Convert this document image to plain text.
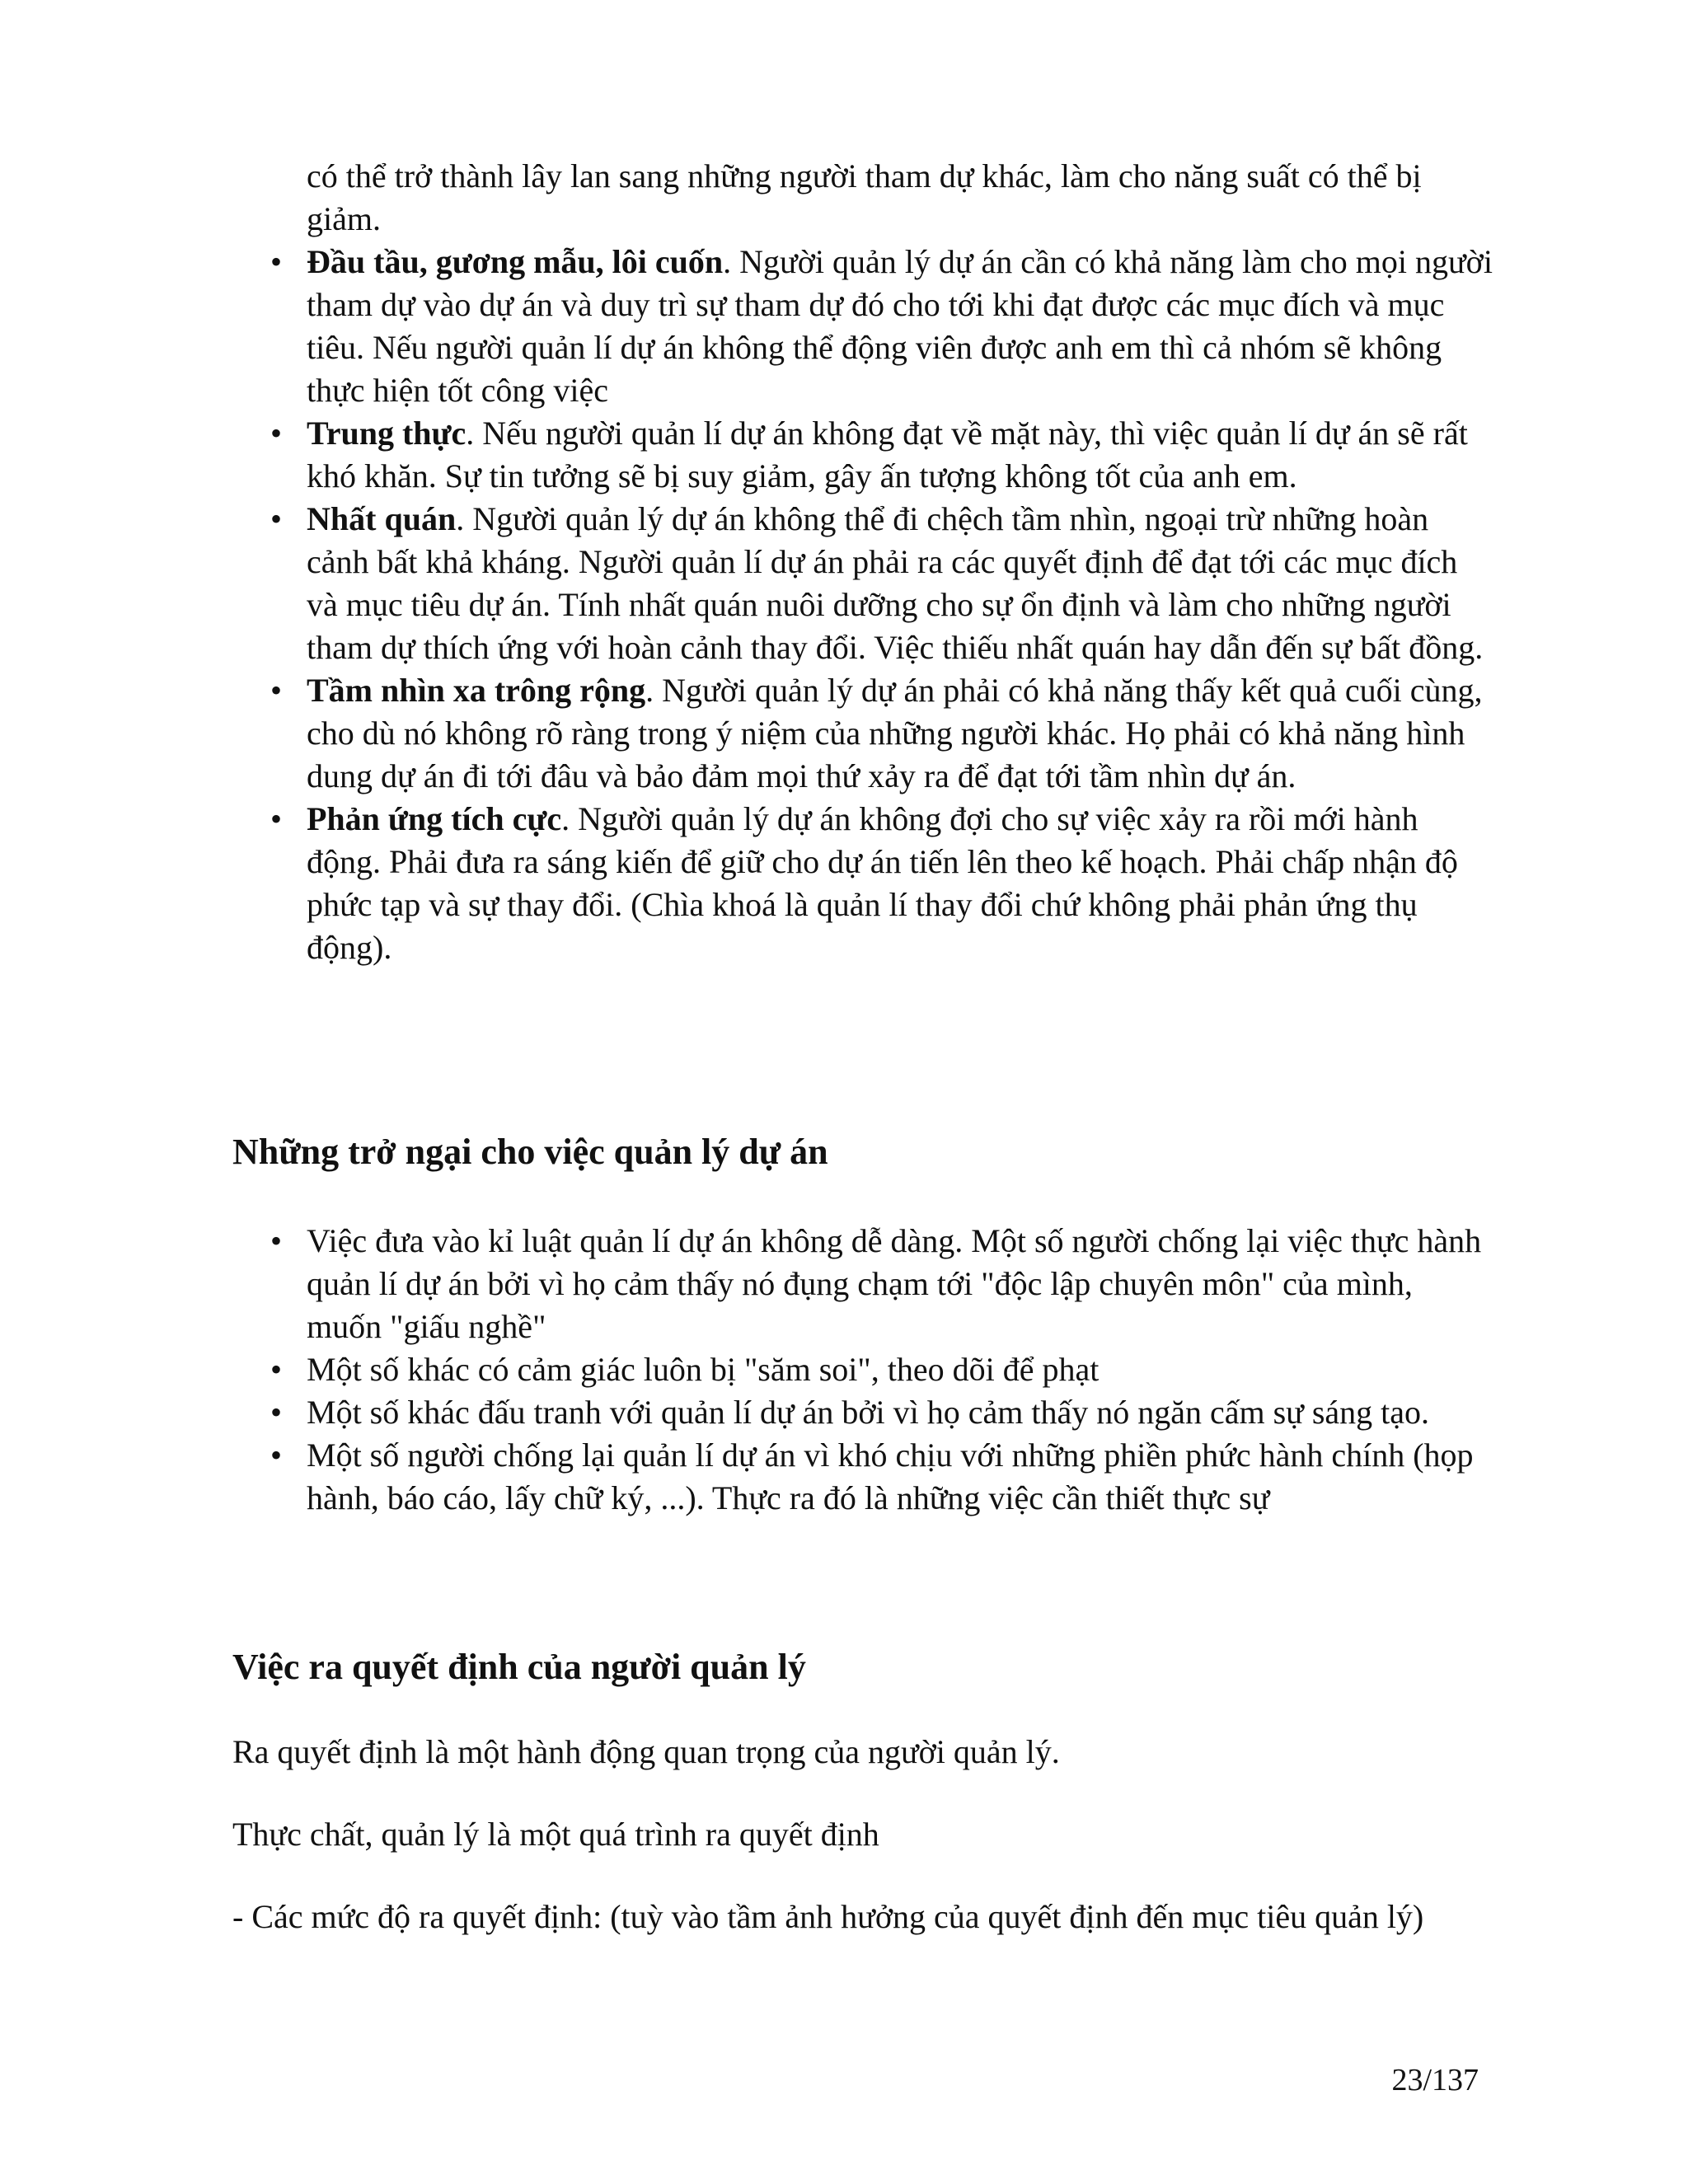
có thể trở thành lây lan sang những người tham dự khác, làm cho năng suất có thể bị giảm.
• Đầu tầu, gương mẫu, lôi cuốn. Người quản lý dự án cần có khả năng làm cho mọi người tham dự vào dự án và duy trì sự tham dự đó cho tới khi đạt được các mục đích và mục tiêu. Nếu người quản lí dự án không thể động viên được anh em thì cả nhóm sẽ không thực hiện tốt công việc
• Trung thực. Nếu người quản lí dự án không đạt về mặt này, thì việc quản lí dự án sẽ rất khó khăn. Sự tin tưởng sẽ bị suy giảm, gây ấn tượng không tốt của anh em.
• Nhất quán. Người quản lý dự án không thể đi chệch tầm nhìn, ngoại trừ những hoàn cảnh bất khả kháng. Người quản lí dự án phải ra các quyết định để đạt tới các mục đích và mục tiêu dự án. Tính nhất quán nuôi dưỡng cho sự ổn định và làm cho những người tham dự thích ứng với hoàn cảnh thay đổi. Việc thiếu nhất quán hay dẫn đến sự bất đồng.
• Tầm nhìn xa trông rộng. Người quản lý dự án phải có khả năng thấy kết quả cuối cùng, cho dù nó không rõ ràng trong ý niệm của những người khác. Họ phải có khả năng hình dung dự án đi tới đâu và bảo đảm mọi thứ xảy ra để đạt tới tầm nhìn dự án.
• Phản ứng tích cực. Người quản lý dự án không đợi cho sự việc xảy ra rồi mới hành động. Phải đưa ra sáng kiến để giữ cho dự án tiến lên theo kế hoạch. Phải chấp nhận độ phức tạp và sự thay đổi. (Chìa khoá là quản lí thay đổi chứ không phải phản ứng thụ động).
Những trở ngại cho việc quản lý dự án
• Việc đưa vào kỉ luật quản lí dự án không dễ dàng. Một số người chống lại việc thực hành quản lí dự án bởi vì họ cảm thấy nó đụng chạm tới "độc lập chuyên môn" của mình, muốn "giấu nghề"
• Một số khác có cảm giác luôn bị "săm soi", theo dõi để phạt
• Một số khác đấu tranh với quản lí dự án bởi vì họ cảm thấy nó ngăn cấm sự sáng tạo.
• Một số người chống lại quản lí dự án vì khó chịu với những phiền phức hành chính (họp hành, báo cáo, lấy chữ ký, ...). Thực ra đó là những việc cần thiết thực sự
Việc ra quyết định của người quản lý

Ra quyết định là một hành động quan trọng của người quản lý.

Thực chất, quản lý là một quá trình ra quyết định

- Các mức độ ra quyết định: (tuỳ vào tầm ảnh hưởng của quyết định đến mục tiêu quản lý)

23/137
